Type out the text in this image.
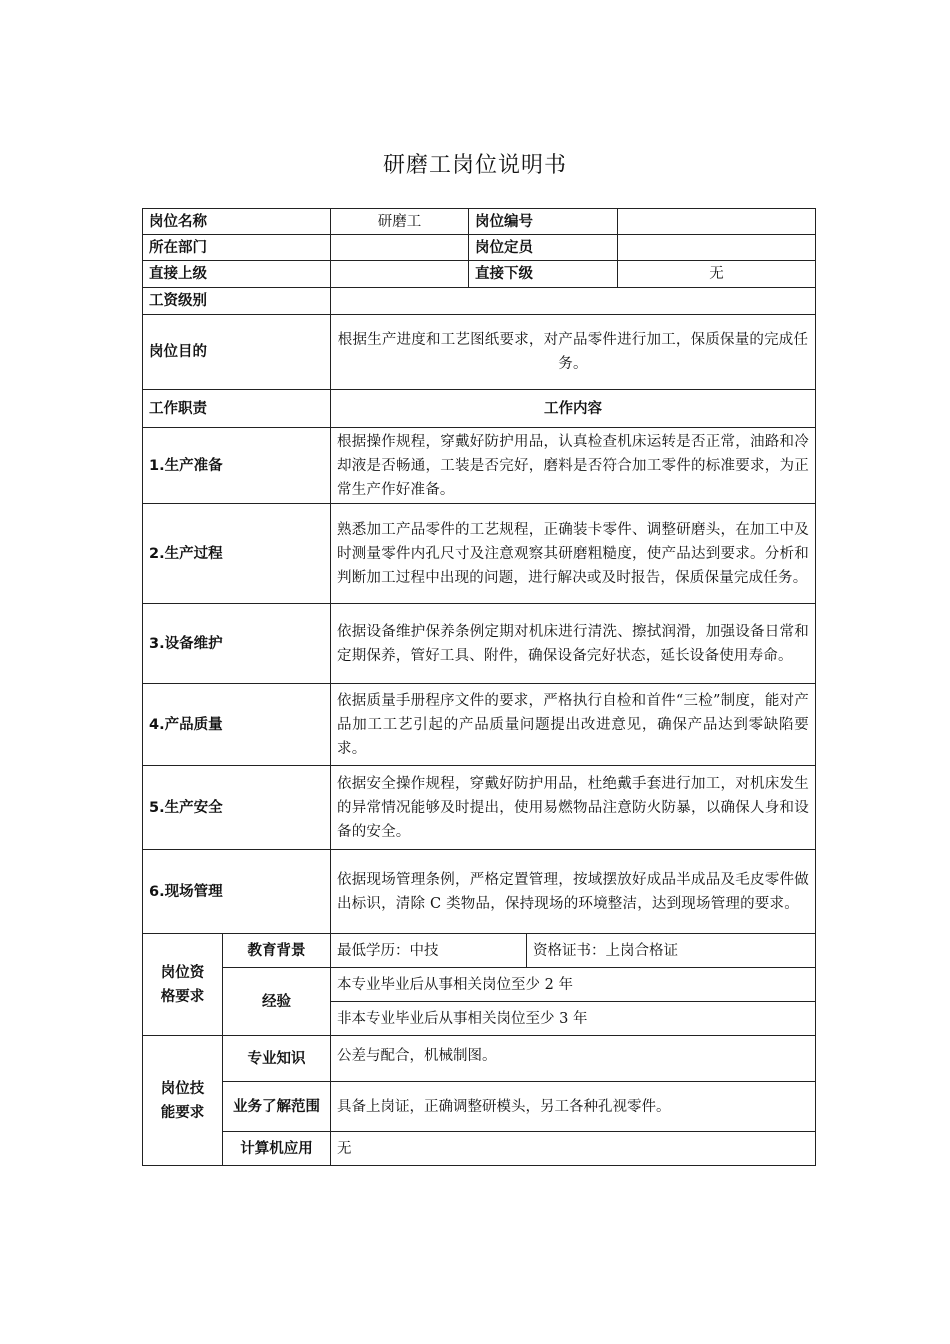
研磨工岗位说明书
岗位名称		研磨工	岗位编号		
所在部门			岗位定员		
直接上级			直接下级		无
工资级别					
岗位目的		根据生产进度和工艺图纸要求，对产品零件进行加工，保质保量的完成任务。			
工作职责		工作内容			
1.生产准备		根据操作规程，穿戴好防护用品，认真检查机床运转是否正常，油路和冷却液是否畅通，工装是否完好，磨料是否符合加工零件的标准要求，为正常生产作好准备。			
2.生产过程		熟悉加工产品零件的工艺规程，正确装卡零件、调整研磨头，在加工中及时测量零件内孔尺寸及注意观察其研磨粗糙度，使产品达到要求。分析和判断加工过程中出现的问题，进行解决或及时报告，保质保量完成任务。			
3.设备维护		依据设备维护保养条例定期对机床进行清洗、擦拭润滑，加强设备日常和定期保养，管好工具、附件，确保设备完好状态，延长设备使用寿命。			
4.产品质量		依据质量手册程序文件的要求，严格执行自检和首件“三检”制度，能对产品加工工艺引起的产品质量问题提出改进意见，确保产品达到零缺陷要求。			
5.生产安全		依据安全操作规程，穿戴好防护用品，杜绝戴手套进行加工，对机床发生的异常情况能够及时提出，使用易燃物品注意防火防暴，以确保人身和设备的安全。			
6.现场管理		依据现场管理条例，严格定置管理，按域摆放好成品半成品及毛皮零件做出标识，清除 C 类物品，保持现场的环境整洁，达到现场管理的要求。			

岗位资格要求	教育背景	最低学历：中技		资格证书：上岗合格证	
	经验	本专业毕业后从事相关岗位至少 2 年			
		非本专业毕业后从事相关岗位至少 3 年			

岗位技能要求	专业知识	公差与配合，机械制图。			
	业务了解范围	具备上岗证，正确调整研模头，另工各种孔视零件。			
	计算机应用	无			
